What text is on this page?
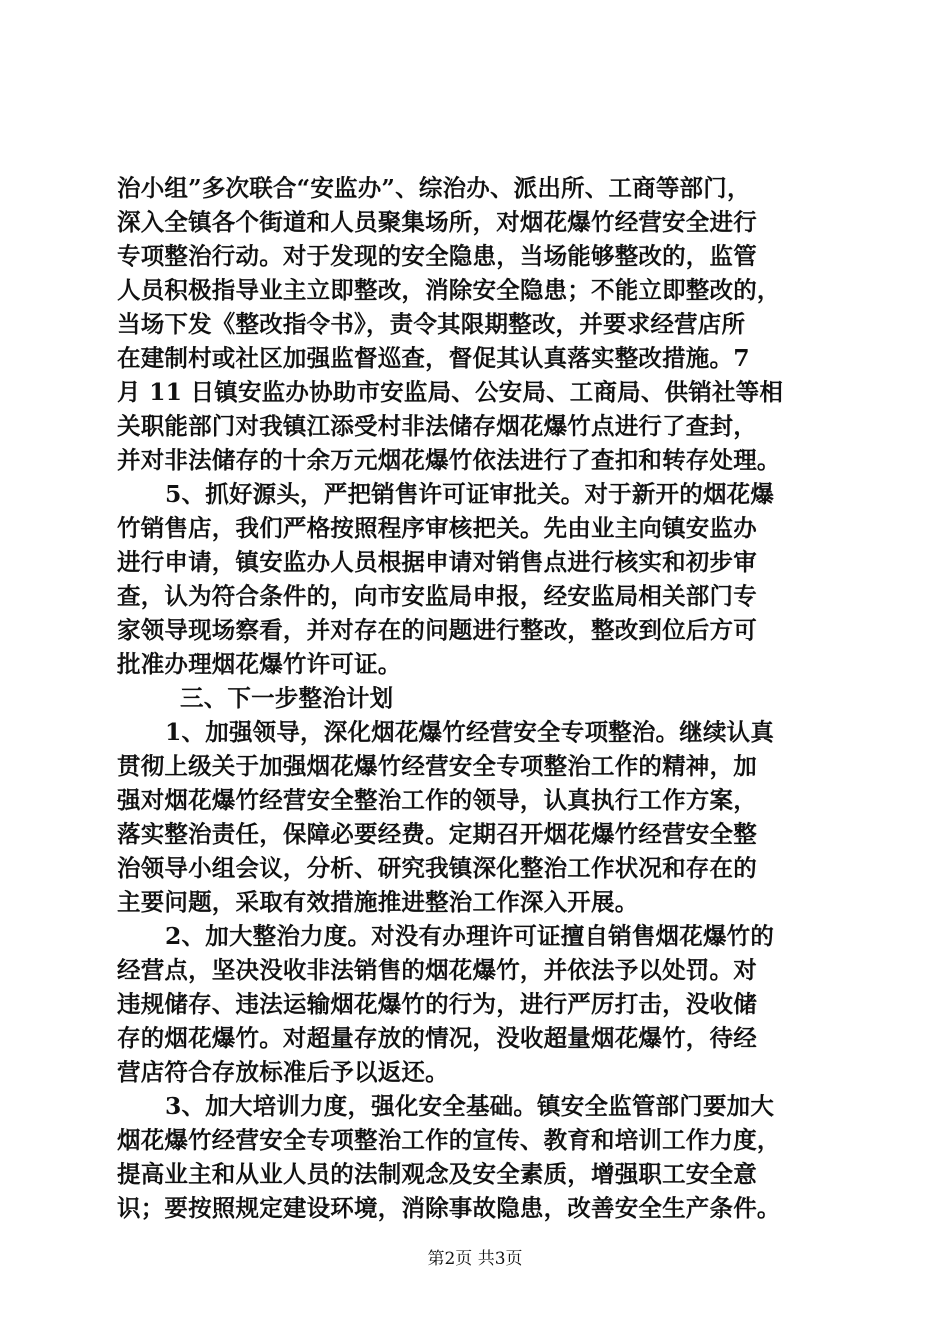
治小组”多次联合“安监办”、综治办、派出所、工商等部门，
深入全镇各个街道和人员聚集场所，对烟花爆竹经营安全进行
专项整治行动。对于发现的安全隐患，当场能够整改的，监管
人员积极指导业主立即整改，消除安全隐患；不能立即整改的，
当场下发《整改指令书》，责令其限期整改，并要求经营店所
在建制村或社区加强监督巡查，督促其认真落实整改措施。7
月 11 日镇安监办协助市安监局、公安局、工商局、供销社等相
关职能部门对我镇江添受村非法储存烟花爆竹点进行了查封，
并对非法储存的十余万元烟花爆竹依法进行了查扣和转存处理。
5、抓好源头，严把销售许可证审批关。对于新开的烟花爆
竹销售店，我们严格按照程序审核把关。先由业主向镇安监办
进行申请，镇安监办人员根据申请对销售点进行核实和初步审
查，认为符合条件的，向市安监局申报，经安监局相关部门专
家领导现场察看，并对存在的问题进行整改，整改到位后方可
批准办理烟花爆竹许可证。
三、下一步整治计划
1、加强领导，深化烟花爆竹经营安全专项整治。继续认真
贯彻上级关于加强烟花爆竹经营安全专项整治工作的精神，加
强对烟花爆竹经营安全整治工作的领导，认真执行工作方案，
落实整治责任，保障必要经费。定期召开烟花爆竹经营安全整
治领导小组会议，分析、研究我镇深化整治工作状况和存在的
主要问题，采取有效措施推进整治工作深入开展。
2、加大整治力度。对没有办理许可证擅自销售烟花爆竹的
经营点，坚决没收非法销售的烟花爆竹，并依法予以处罚。对
违规储存、违法运输烟花爆竹的行为，进行严厉打击，没收储
存的烟花爆竹。对超量存放的情况，没收超量烟花爆竹，待经
营店符合存放标准后予以返还。
3、加大培训力度，强化安全基础。镇安全监管部门要加大
烟花爆竹经营安全专项整治工作的宣传、教育和培训工作力度，
提高业主和从业人员的法制观念及安全素质，增强职工安全意
识；要按照规定建设环境，消除事故隐患，改善安全生产条件。
第2页 共3页
